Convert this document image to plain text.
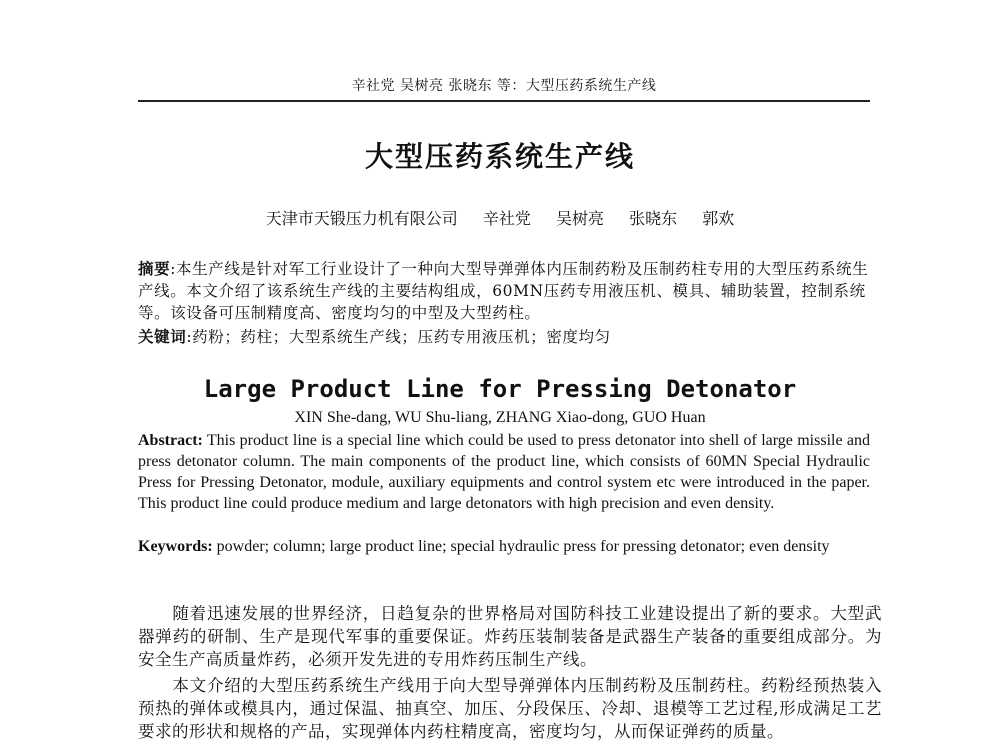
辛社党 吴树亮 张晓东 等：大型压药系统生产线
大型压药系统生产线
天津市天锻压力机有限公司 辛社党 吴树亮 张晓东 郭欢
摘要:本生产线是针对军工行业设计了一种向大型导弹弹体内压制药粉及压制药柱专用的大型压药系统生产线。本文介绍了该系统生产线的主要结构组成，60MN压药专用液压机、模具、辅助装置，控制系统等。该设备可压制精度高、密度均匀的中型及大型药柱。
关键词:药粉；药柱；大型系统生产线；压药专用液压机；密度均匀
Large Product Line for Pressing Detonator
XIN She-dang, WU Shu-liang, ZHANG Xiao-dong, GUO Huan
Abstract: This product line is a special line which could be used to press detonator into shell of large missile and press detonator column. The main components of the product line, which consists of 60MN Special Hydraulic Press for Pressing Detonator, module, auxiliary equipments and control system etc were introduced in the paper. This product line could produce medium and large detonators with high precision and even density.
Keywords: powder; column; large product line; special hydraulic press for pressing detonator; even density
随着迅速发展的世界经济，日趋复杂的世界格局对国防科技工业建设提出了新的要求。大型武器弹药的研制、生产是现代军事的重要保证。炸药压装制装备是武器生产装备的重要组成部分。为安全生产高质量炸药，必须开发先进的专用炸药压制生产线。
本文介绍的大型压药系统生产线用于向大型导弹弹体内压制药粉及压制药柱。药粉经预热装入预热的弹体或模具内，通过保温、抽真空、加压、分段保压、冷却、退模等工艺过程,形成满足工艺要求的形状和规格的产品，实现弹体内药柱精度高，密度均匀，从而保证弹药的质量。
